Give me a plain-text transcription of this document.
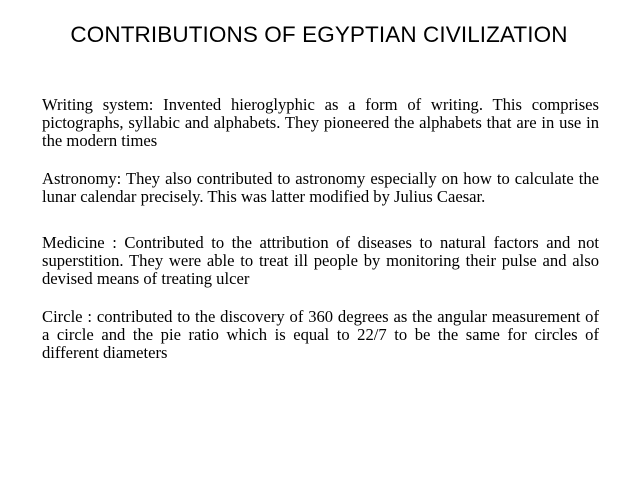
CONTRIBUTIONS OF EGYPTIAN CIVILIZATION

Writing system: Invented hieroglyphic as a form of writing. This comprises pictographs, syllabic and alphabets. They pioneered the alphabets that are in use in the modern times

Astronomy: They also contributed to astronomy especially on how to calculate the lunar calendar precisely. This was latter modified by Julius Caesar.

Medicine : Contributed to the attribution of diseases to natural factors and not superstition. They were able to treat ill people by monitoring their pulse and also devised means of treating ulcer

Circle : contributed to the discovery of 360 degrees as the angular measurement of a circle and the pie ratio which is equal to 22/7 to be the same for circles of different diameters
